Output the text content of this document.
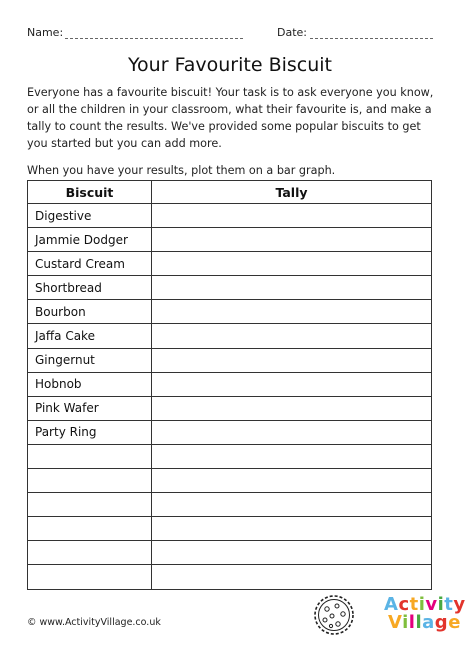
Name:	Date:
Your Favourite Biscuit

Everyone has a favourite biscuit! Your task is to ask everyone you know, or all the children in your classroom, what their favourite is, and make a tally to count the results. We've provided some popular biscuits to get you started but you can add more.

When you have your results, plot them on a bar graph.

Biscuit	Tally
Digestive	
Jammie Dodger	
Custard Cream	
Shortbread	
Bourbon	
Jaffa Cake	
Gingernut	
Hobnob	
Pink Wafer	
Party Ring	

© www.ActivityVillage.co.uk
Activity
Village
